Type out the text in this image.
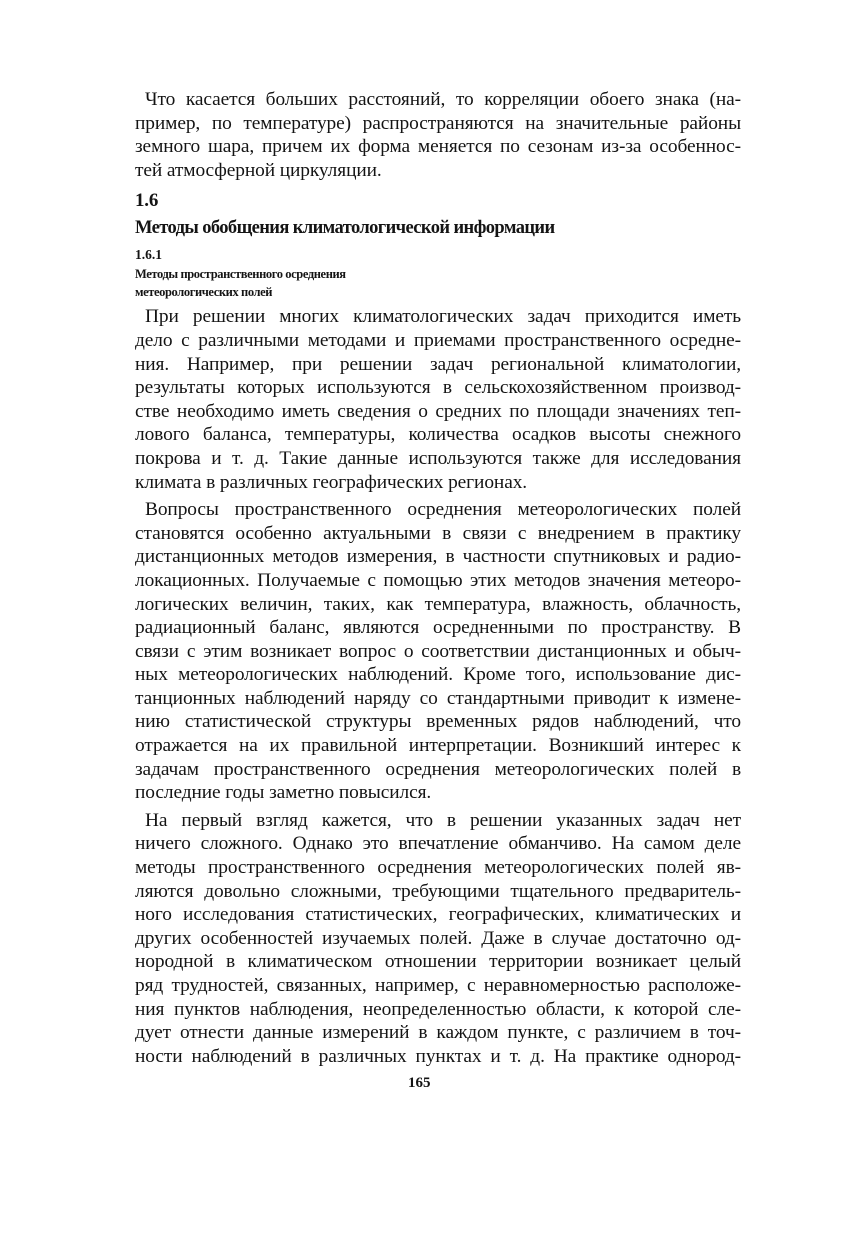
Что касается больших расстояний, то корреляции обоего знака (на-
пример, по температуре) распространяются на значительные районы
земного шара, причем их форма меняется по сезонам из-за особеннос-
тей атмосферной циркуляции.
1.6
Методы обобщения климатологической информации
1.6.1
Методы пространственного осреднения
метеорологических полей
При решении многих климатологических задач приходится иметь
дело с различными методами и приемами пространственного осредне-
ния. Например, при решении задач региональной климатологии,
результаты которых используются в сельскохозяйственном производ-
стве необходимо иметь сведения о средних по площади значениях теп-
лового баланса, температуры, количества осадков высоты снежного
покрова и т. д. Такие данные используются также для исследования
климата в различных географических регионах.
Вопросы пространственного осреднения метеорологических полей
становятся особенно актуальными в связи с внедрением в практику
дистанционных методов измерения, в частности спутниковых и радио-
локационных. Получаемые с помощью этих методов значения метеоро-
логических величин, таких, как температура, влажность, облачность,
радиационный баланс, являются осредненными по пространству. В
связи с этим возникает вопрос о соответствии дистанционных и обыч-
ных метеорологических наблюдений. Кроме того, использование дис-
танционных наблюдений наряду со стандартными приводит к измене-
нию статистической структуры временных рядов наблюдений, что
отражается на их правильной интерпретации. Возникший интерес к
задачам пространственного осреднения метеорологических полей в
последние годы заметно повысился.
На первый взгляд кажется, что в решении указанных задач нет
ничего сложного. Однако это впечатление обманчиво. На самом деле
методы пространственного осреднения метеорологических полей яв-
ляются довольно сложными, требующими тщательного предваритель-
ного исследования статистических, географических, климатических и
других особенностей изучаемых полей. Даже в случае достаточно од-
нородной в климатическом отношении территории возникает целый
ряд трудностей, связанных, например, с неравномерностью расположе-
ния пунктов наблюдения, неопределенностью области, к которой сле-
дует отнести данные измерений в каждом пункте, с различием в точ-
ности наблюдений в различных пунктах и т. д. На практике однород-
165
